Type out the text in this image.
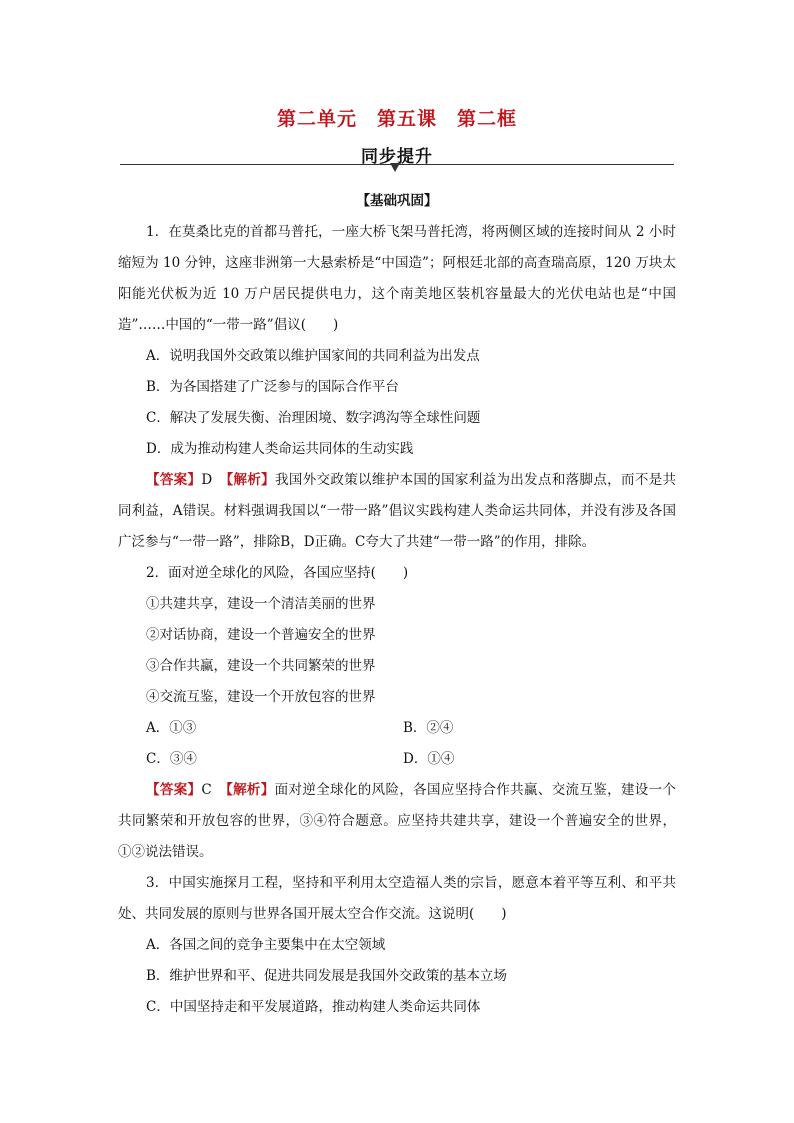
第二单元　第五课　第二框
同步提升
【基础巩固】

1．在莫桑比克的首都马普托，一座大桥飞架马普托湾，将两侧区域的连接时间从 2 小时缩短为 10 分钟，这座非洲第一大悬索桥是“中国造”；阿根廷北部的高查瑞高原，120 万块太阳能光伏板为近 10 万户居民提供电力，这个南美地区装机容量最大的光伏电站也是“中国造”……中国的“一带一路”倡议(　　)

A．说明我国外交政策以维护国家间的共同利益为出发点

B．为各国搭建了广泛参与的国际合作平台

C．解决了发展失衡、治理困境、数字鸿沟等全球性问题

D．成为推动构建人类命运共同体的生动实践

【答案】D　【解析】我国外交政策以维护本国的国家利益为出发点和落脚点，而不是共同利益，A错误。材料强调我国以“一带一路”倡议实践构建人类命运共同体，并没有涉及各国广泛参与“一带一路”，排除B，D正确。C夸大了共建“一带一路”的作用，排除。

2．面对逆全球化的风险，各国应坚持(　　)

①共建共享，建设一个清洁美丽的世界

②对话协商，建设一个普遍安全的世界

③合作共赢，建设一个共同繁荣的世界

④交流互鉴，建设一个开放包容的世界

A．①③	B．②④
C．③④	D．①④

【答案】C　【解析】面对逆全球化的风险，各国应坚持合作共赢、交流互鉴，建设一个共同繁荣和开放包容的世界，③④符合题意。应坚持共建共享，建设一个普遍安全的世界，①②说法错误。

3．中国实施探月工程，坚持和平利用太空造福人类的宗旨，愿意本着平等互利、和平共处、共同发展的原则与世界各国开展太空合作交流。这说明(　　)

A．各国之间的竞争主要集中在太空领域

B．维护世界和平、促进共同发展是我国外交政策的基本立场

C．中国坚持走和平发展道路，推动构建人类命运共同体
